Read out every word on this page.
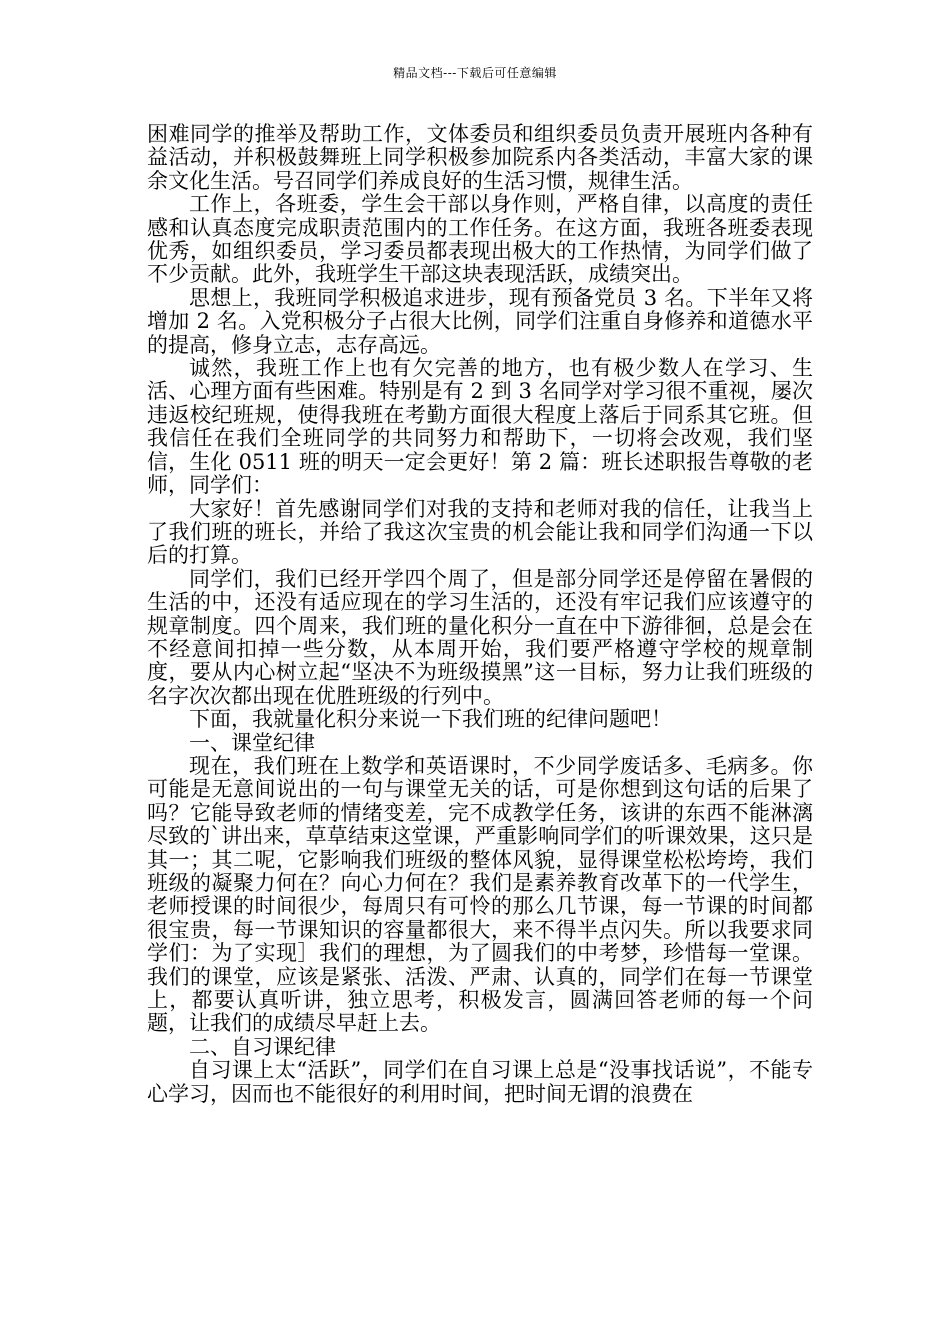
精品文档---下载后可任意编辑

困难同学的推举及帮助工作，文体委员和组织委员负责开展班内各种有益活动，并积极鼓舞班上同学积极参加院系内各类活动，丰富大家的课余文化生活。号召同学们养成良好的生活习惯，规律生活。

工作上，各班委，学生会干部以身作则，严格自律，以高度的责任感和认真态度完成职责范围内的工作任务。在这方面，我班各班委表现优秀，如组织委员，学习委员都表现出极大的工作热情，为同学们做了不少贡献。此外，我班学生干部这块表现活跃，成绩突出。

思想上，我班同学积极追求进步，现有预备党员 3 名。下半年又将增加 2 名。入党积极分子占很大比例，同学们注重自身修养和道德水平的提高，修身立志，志存高远。

诚然，我班工作上也有欠完善的地方，也有极少数人在学习、生活、心理方面有些困难。特别是有 2 到 3 名同学对学习很不重视，屡次违返校纪班规，使得我班在考勤方面很大程度上落后于同系其它班。但我信任在我们全班同学的共同努力和帮助下，一切将会改观，我们坚信，生化 0511 班的明天一定会更好！第 2 篇：班长述职报告尊敬的老师，同学们：

大家好！首先感谢同学们对我的支持和老师对我的信任，让我当上了我们班的班长，并给了我这次宝贵的机会能让我和同学们沟通一下以后的打算。

同学们，我们已经开学四个周了，但是部分同学还是停留在暑假的生活的中，还没有适应现在的学习生活的，还没有牢记我们应该遵守的规章制度。四个周来，我们班的量化积分一直在中下游徘徊，总是会在不经意间扣掉一些分数，从本周开始，我们要严格遵守学校的规章制度，要从内心树立起“坚决不为班级摸黑”这一目标，努力让我们班级的名字次次都出现在优胜班级的行列中。

下面，我就量化积分来说一下我们班的纪律问题吧！

一、课堂纪律

现在，我们班在上数学和英语课时，不少同学废话多、毛病多。你可能是无意间说出的一句与课堂无关的话，可是你想到这句话的后果了吗？它能导致老师的情绪变差，完不成教学任务，该讲的东西不能淋漓尽致的`讲出来，草草结束这堂课，严重影响同学们的听课效果，这只是其一；其二呢，它影响我们班级的整体风貌，显得课堂松松垮垮，我们班级的凝聚力何在？向心力何在？我们是素养教育改革下的一代学生，老师授课的时间很少，每周只有可怜的那么几节课，每一节课的时间都很宝贵，每一节课知识的容量都很大，来不得半点闪失。所以我要求同学们：为了实现］我们的理想，为了圆我们的中考梦，珍惜每一堂课。我们的课堂，应该是紧张、活泼、严肃、认真的，同学们在每一节课堂上，都要认真听讲，独立思考，积极发言，圆满回答老师的每一个问题，让我们的成绩尽早赶上去。

二、自习课纪律

自习课上太“活跃”，同学们在自习课上总是“没事找话说”，不能专心学习，因而也不能很好的利用时间，把时间无谓的浪费在
